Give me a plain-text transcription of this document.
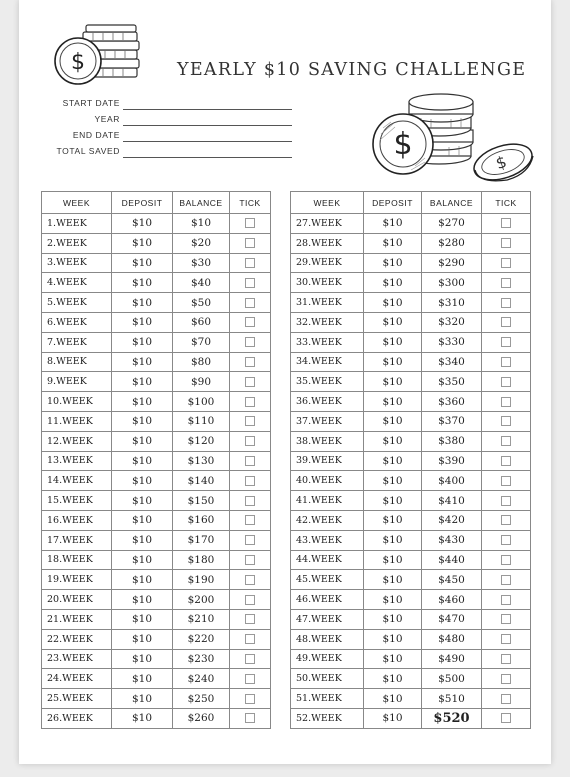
$	YEARLY $10 SAVING CHALLENGE
START DATE
YEAR
END DATE
TOTAL SAVED	$
$
WEEK	DEPOSIT	BALANCE	TICK
1.WEEK	$10	$10	
2.WEEK	$10	$20	
3.WEEK	$10	$30	
4.WEEK	$10	$40	
5.WEEK	$10	$50	
6.WEEK	$10	$60	
7.WEEK	$10	$70	
8.WEEK	$10	$80	
9.WEEK	$10	$90	
10.WEEK	$10	$100	
11.WEEK	$10	$110	
12.WEEK	$10	$120	
13.WEEK	$10	$130	
14.WEEK	$10	$140	
15.WEEK	$10	$150	
16.WEEK	$10	$160	
17.WEEK	$10	$170	
18.WEEK	$10	$180	
19.WEEK	$10	$190	
20.WEEK	$10	$200	
21.WEEK	$10	$210	
22.WEEK	$10	$220	
23.WEEK	$10	$230	
24.WEEK	$10	$240	
25.WEEK	$10	$250	
26.WEEK	$10	$260	
WEEK	DEPOSIT	BALANCE	TICK
27.WEEK	$10	$270	
28.WEEK	$10	$280	
29.WEEK	$10	$290	
30.WEEK	$10	$300	
31.WEEK	$10	$310	
32.WEEK	$10	$320	
33.WEEK	$10	$330	
34.WEEK	$10	$340	
35.WEEK	$10	$350	
36.WEEK	$10	$360	
37.WEEK	$10	$370	
38.WEEK	$10	$380	
39.WEEK	$10	$390	
40.WEEK	$10	$400	
41.WEEK	$10	$410	
42.WEEK	$10	$420	
43.WEEK	$10	$430	
44.WEEK	$10	$440	
45.WEEK	$10	$450	
46.WEEK	$10	$460	
47.WEEK	$10	$470	
48.WEEK	$10	$480	
49.WEEK	$10	$490	
50.WEEK	$10	$500	
51.WEEK	$10	$510	
52.WEEK	$10	$520	
